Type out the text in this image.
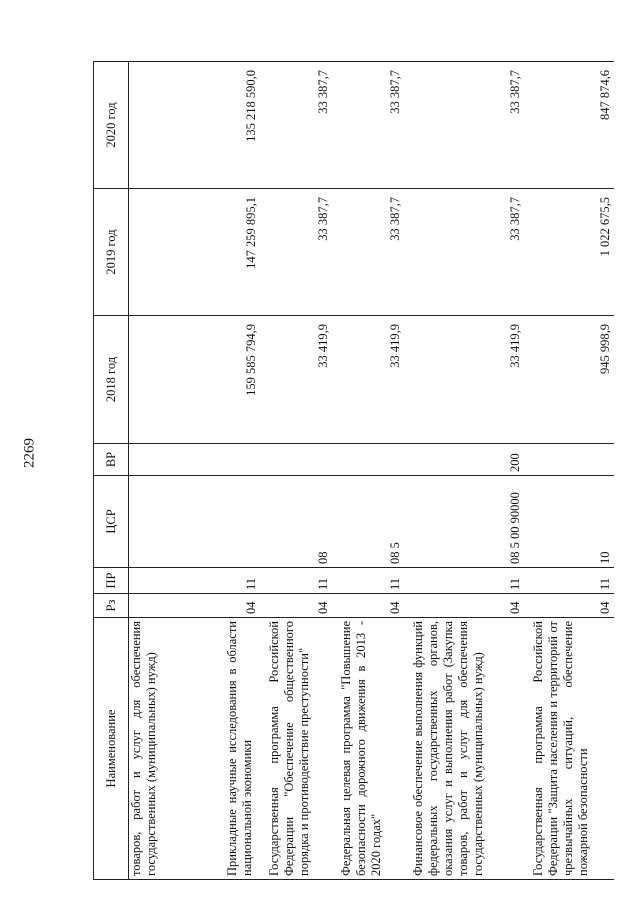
2269
Наименование	Рз	ПР	ЦСР	ВР	2018 год	2019 год	2020 год
товаров, работ и услуг для обеспечения государственных (муниципальных) нужд)							
Прикладные научные исследования в области национальной экономики	04	11			159 585 794,9	147 259 895,1	135 218 590,0
Государственная программа Российской Федерации "Обеспечение общественного порядка и противодействие преступности"	04	11	08		33 419,9	33 387,7	33 387,7
Федеральная целевая программа "Повышение безопасности дорожного движения в 2013 - 2020 годах"	04	11	08 5		33 419,9	33 387,7	33 387,7
Финансовое обеспечение выполнения функций федеральных государственных органов, оказания услуг и выполнения работ (Закупка товаров, работ и услуг для обеспечения государственных (муниципальных) нужд)	04	11	08 5 00 90000	200	33 419,9	33 387,7	33 387,7
Государственная программа Российской Федерации "Защита населения и территорий от чрезвычайных ситуаций, обеспечение пожарной безопасности	04	11	10		945 998,9	1 022 675,5	847 874,6
